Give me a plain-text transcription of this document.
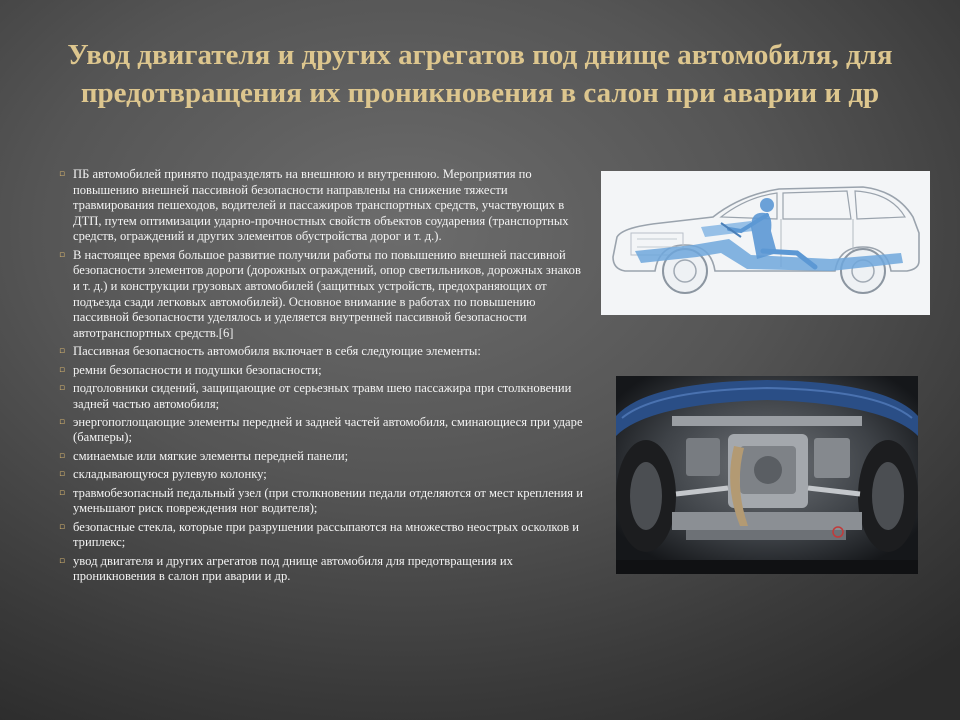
Увод двигателя и других агрегатов под днище автомобиля, для предотвращения их проникновения в салон при аварии и др
▫ ПБ автомобилей принято подразделять на внешнюю и внутреннюю. Мероприятия по повышению внешней пассивной безопасности направлены на снижение тяжести травмирования пешеходов, водителей и пассажиров транспортных средств, участвующих в ДТП, путем оптимизации ударно-прочностных свойств объектов соударения (транспортных средств, ограждений и других элементов обустройства дорог и т. д.).
▫ В настоящее время большое развитие получили работы по повышению внешней пассивной безопасности элементов дороги (дорожных ограждений, опор светильников, дорожных знаков и т. д.) и конструкции грузовых автомобилей (защитных устройств, предохраняющих от подъезда сзади легковых автомобилей). Основное внимание в работах по повышению пассивной безопасности уделялось и уделяется внутренней пассивной безопасности автотранспортных средств.[6]
▫ Пассивная безопасность автомобиля включает в себя следующие элементы:
▫ ремни безопасности и подушки безопасности;
▫ подголовники сидений, защищающие от серьезных травм шею пассажира при столкновении задней частью автомобиля;
▫ энергопоглощающие элементы передней и задней частей автомобиля, сминающиеся при ударе (бамперы);
▫ сминаемые или мягкие элементы передней панели;
▫ складывающуюся рулевую колонку;
▫ травмобезопасный педальный узел (при столкновении педали отделяются от мест крепления и уменьшают риск повреждения ног водителя);
▫ безопасные стекла, которые при разрушении рассыпаются на множество неострых осколков и триплекс;
▫ увод двигателя и других агрегатов под днище автомобиля для предотвращения их проникновения в салон при аварии и др.
